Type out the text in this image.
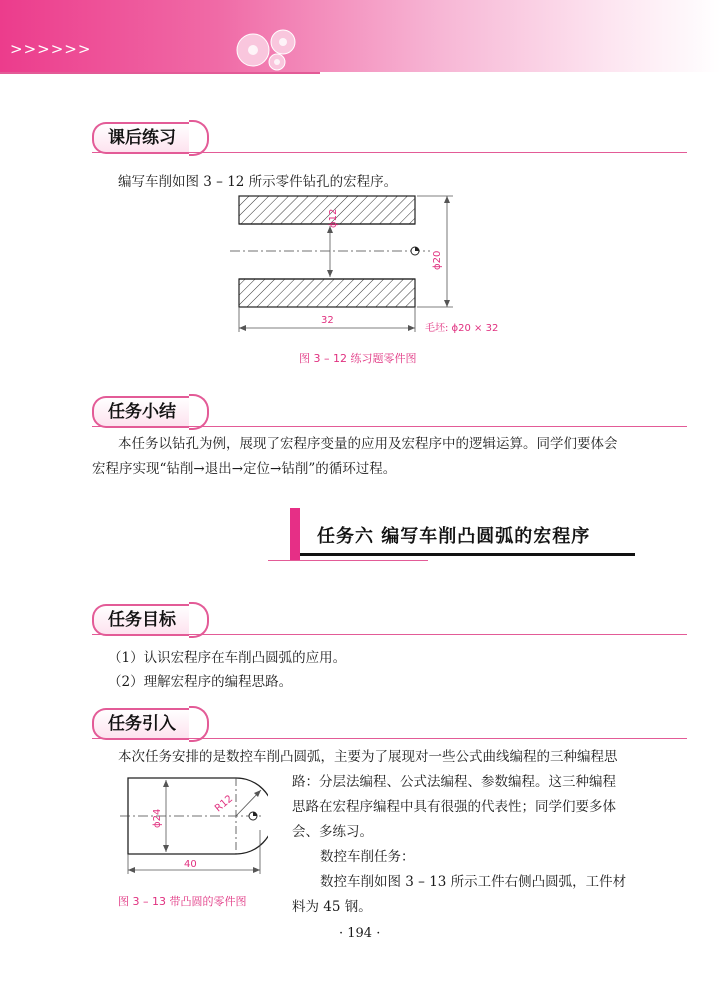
>>>>>>
课后练习
编写车削如图 3 – 12 所示零件钻孔的宏程序。
ϕ12
ϕ20
32
毛坯: ϕ20 × 32
图 3 – 12 练习题零件图
任务小结
本任务以钻孔为例，展现了宏程序变量的应用及宏程序中的逻辑运算。同学们要体会
宏程序实现“钻削→退出→定位→钻削”的循环过程。
任务六 编写车削凸圆弧的宏程序
任务目标
（1）认识宏程序在车削凸圆弧的应用。
（2）理解宏程序的编程思路。
任务引入
本次任务安排的是数控车削凸圆弧，主要为了展现对一些公式曲线编程的三种编程思
路：分层法编程、公式法编程、参数编程。这三种编程
思路在宏程序编程中具有很强的代表性；同学们要多体
会、多练习。
数控车削任务：
数控车削如图 3 – 13 所示工件右侧凸圆弧，工件材
料为 45 钢。
ϕ24
R12
40
图 3 – 13 带凸圆的零件图
· 194 ·
